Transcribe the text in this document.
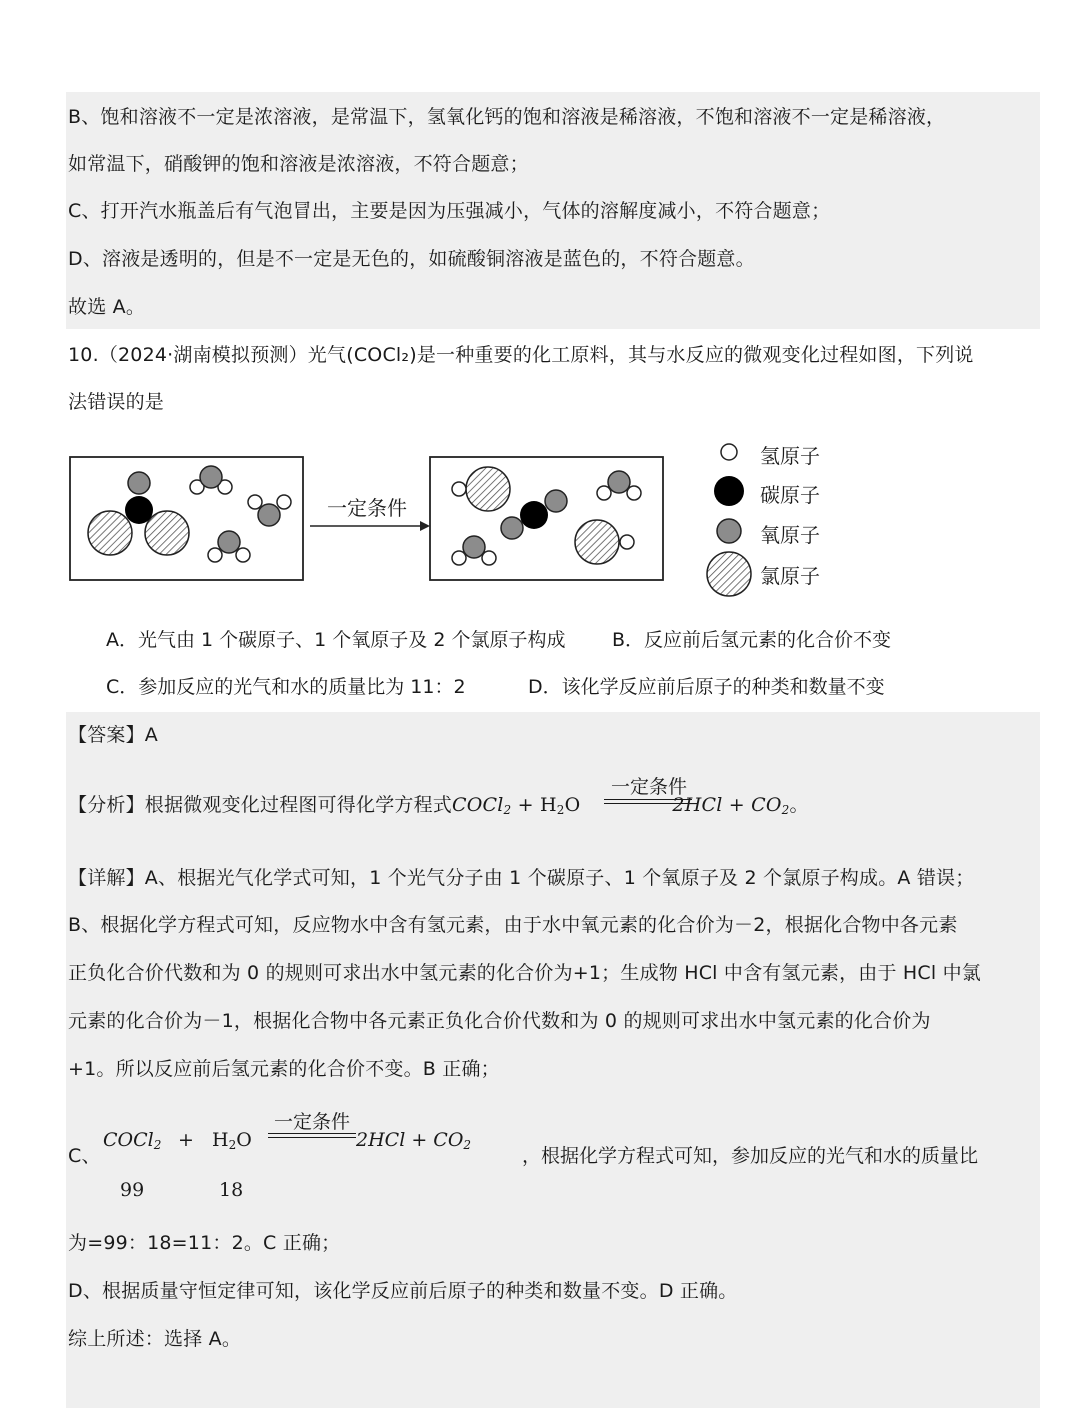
B、饱和溶液不一定是浓溶液，是常温下，氢氧化钙的饱和溶液是稀溶液，不饱和溶液不一定是稀溶液，
如常温下，硝酸钾的饱和溶液是浓溶液，不符合题意；
C、打开汽水瓶盖后有气泡冒出，主要是因为压强减小，气体的溶解度减小，不符合题意；
D、溶液是透明的，但是不一定是无色的，如硫酸铜溶液是蓝色的，不符合题意。
故选 A。
10.（2024·湖南模拟预测）光气(COCl₂)是一种重要的化工原料，其与水反应的微观变化过程如图，下列说
法错误的是
一定条件
氢原子
碳原子
氧原子
氯原子
A．光气由 1 个碳原子、1 个氧原子及 2 个氯原子构成 B．反应前后氢元素的化合价不变
C．参加反应的光气和水的质量比为 11：2	D．该化学反应前后原子的种类和数量不变
【答案】A
【分析】根据微观变化过程图可得化学方程式COCl$_2$ + $H_2O$	$2HCl + CO_2$。
一定条件
【详解】A、根据光气化学式可知，1 个光气分子由 1 个碳原子、1 个氧原子及 2 个氯原子构成。A 错误；
B、根据化学方程式可知，反应物水中含有氢元素，由于水中氧元素的化合价为－2，根据化合物中各元素
正负化合价代数和为 0 的规则可求出水中氢元素的化合价为+1；生成物 HCl 中含有氢元素，由于 HCl 中氯
元素的化合价为－1，根据化合物中各元素正负化合价代数和为 0 的规则可求出水中氢元素的化合价为
+1。所以反应前后氢元素的化合价不变。B 正确；
C、
COCl$_2$ + $H_2O$
一定条件
$2HCl + CO_2$
99	18
，根据化学方程式可知，参加反应的光气和水的质量比
为=99：18=11：2。C 正确；
D、根据质量守恒定律可知，该化学反应前后原子的种类和数量不变。D 正确。
综上所述：选择 A。
